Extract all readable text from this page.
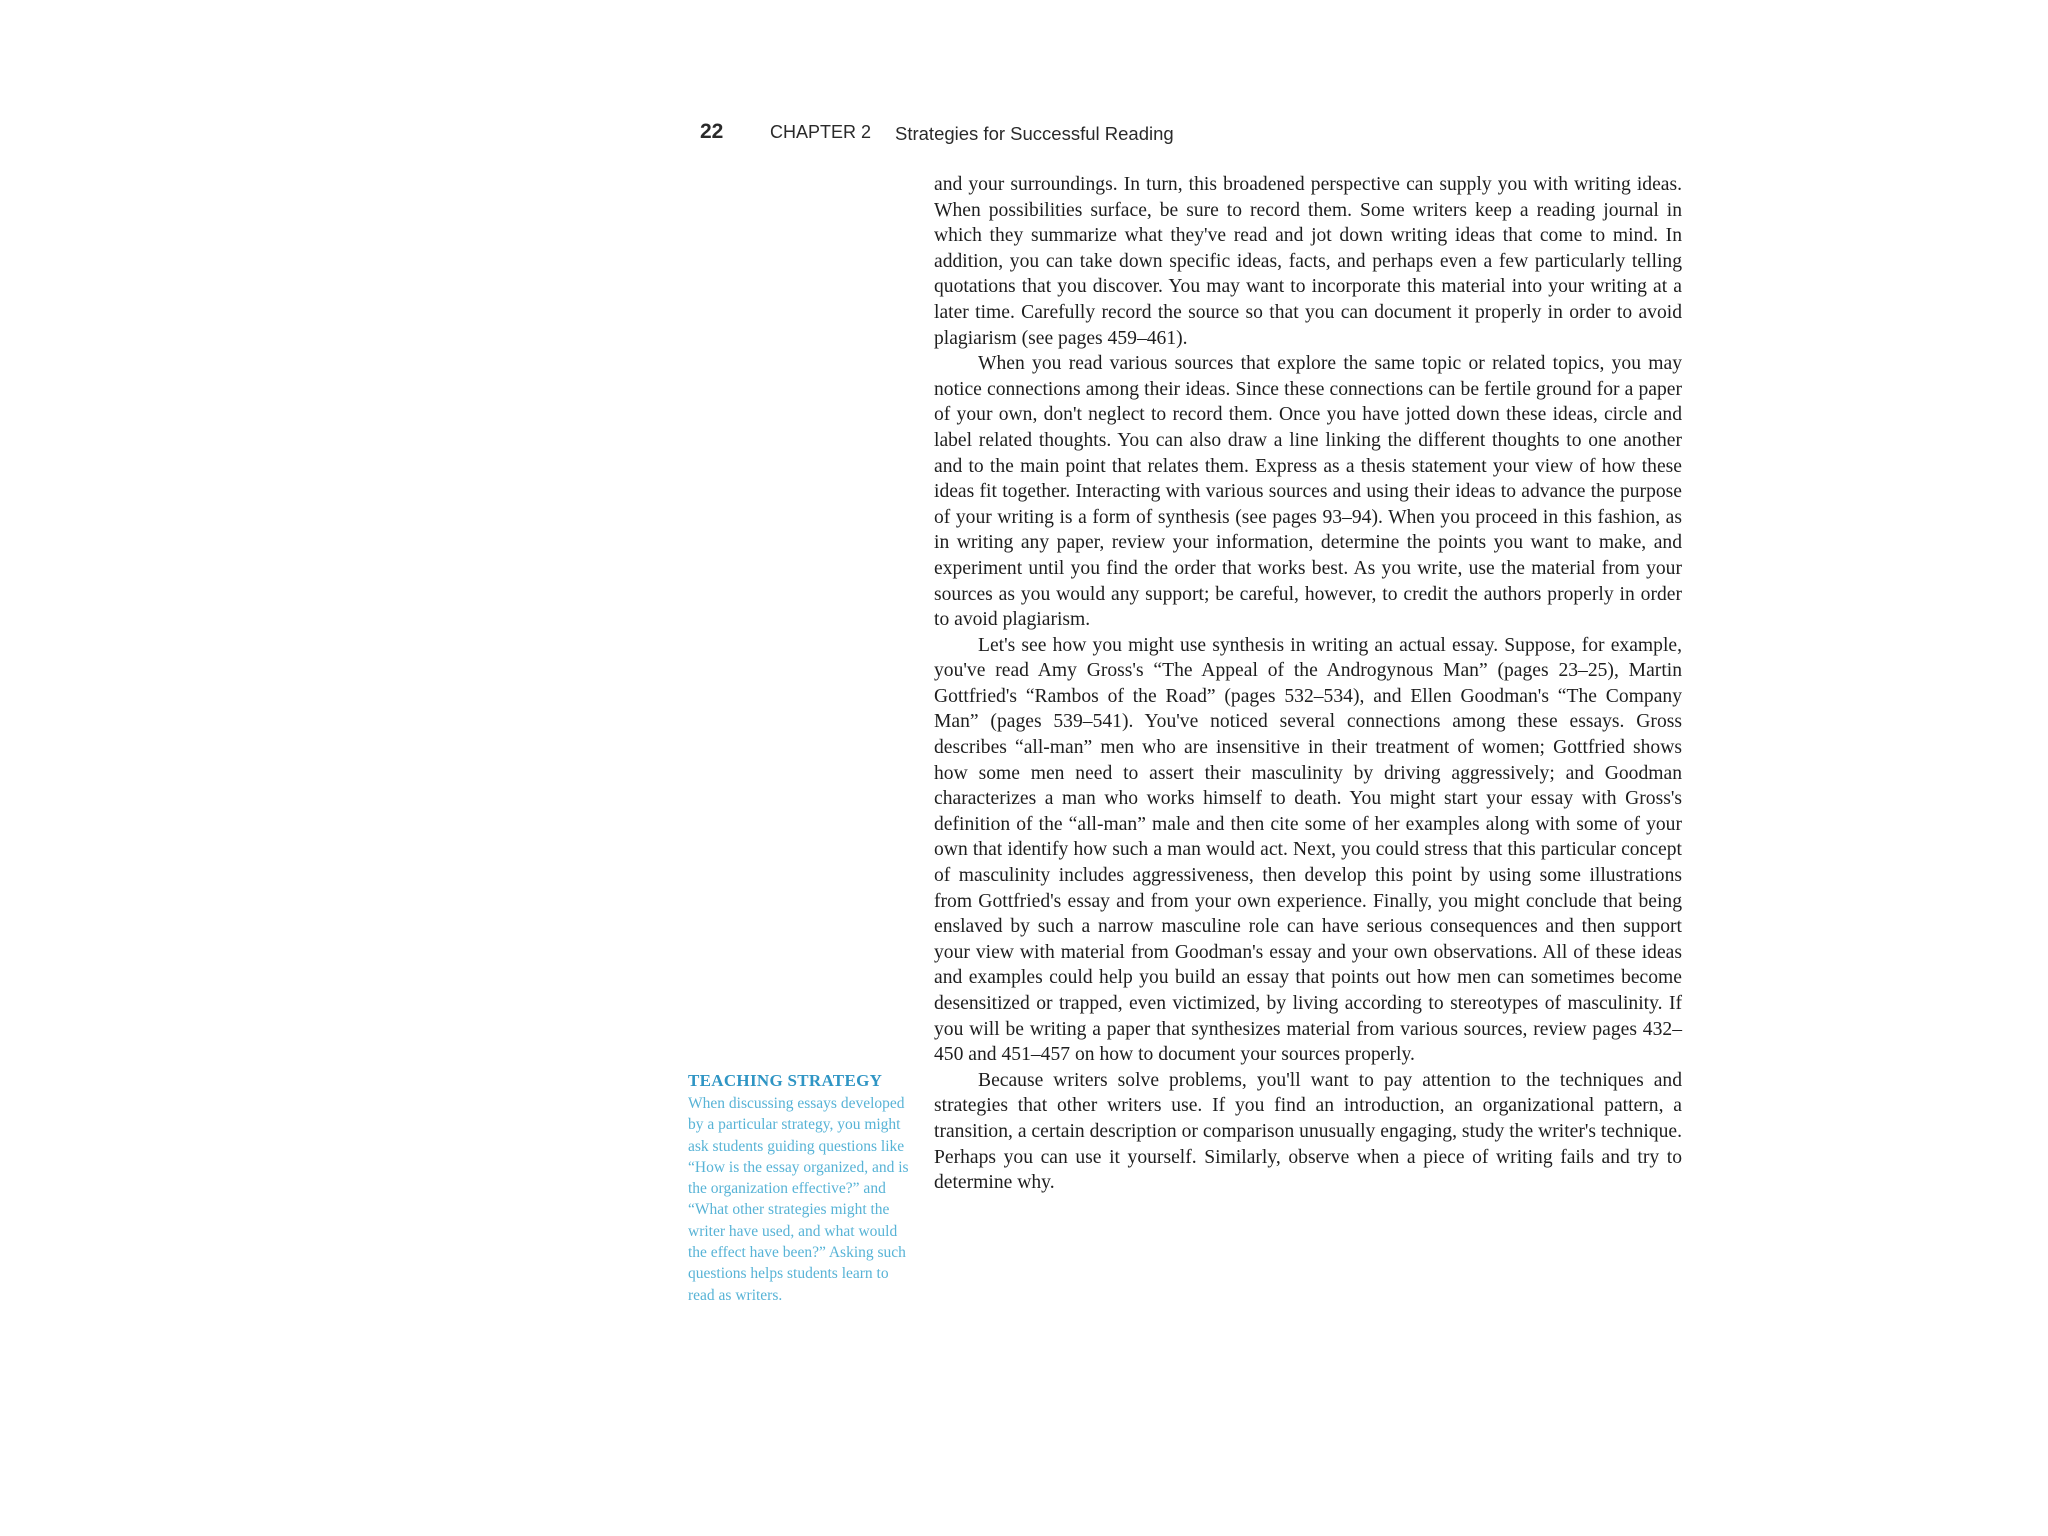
22	CHAPTER 2 Strategies for Successful Reading

and your surroundings. In turn, this broadened perspective can supply you with writing ideas. When possibilities surface, be sure to record them. Some writers keep a reading journal in which they summarize what they've read and jot down writing ideas that come to mind. In addition, you can take down specific ideas, facts, and perhaps even a few particularly telling quotations that you discover. You may want to incorporate this material into your writing at a later time. Carefully record the source so that you can document it properly in order to avoid plagiarism (see pages 459–461).

When you read various sources that explore the same topic or related topics, you may notice connections among their ideas. Since these connections can be fertile ground for a paper of your own, don't neglect to record them. Once you have jotted down these ideas, circle and label related thoughts. You can also draw a line linking the different thoughts to one another and to the main point that relates them. Express as a thesis statement your view of how these ideas fit together. Interacting with various sources and using their ideas to advance the purpose of your writing is a form of synthesis (see pages 93–94). When you proceed in this fashion, as in writing any paper, review your information, determine the points you want to make, and experiment until you find the order that works best. As you write, use the material from your sources as you would any support; be careful, however, to credit the authors properly in order to avoid plagiarism.

Let's see how you might use synthesis in writing an actual essay. Suppose, for example, you've read Amy Gross's “The Appeal of the Androgynous Man” (pages 23–25), Martin Gottfried's “Rambos of the Road” (pages 532–534), and Ellen Goodman's “The Company Man” (pages 539–541). You've noticed several connections among these essays. Gross describes “all-man” men who are insensitive in their treatment of women; Gottfried shows how some men need to assert their masculinity by driving aggressively; and Goodman characterizes a man who works himself to death. You might start your essay with Gross's definition of the “all-man” male and then cite some of her examples along with some of your own that identify how such a man would act. Next, you could stress that this particular concept of masculinity includes aggressiveness, then develop this point by using some illustrations from Gottfried's essay and from your own experience. Finally, you might conclude that being enslaved by such a narrow masculine role can have serious consequences and then support your view with material from Goodman's essay and your own observations. All of these ideas and examples could help you build an essay that points out how men can sometimes become desensitized or trapped, even victimized, by living according to stereotypes of masculinity. If you will be writing a paper that synthesizes material from various sources, review pages 432–450 and 451–457 on how to document your sources properly.

Because writers solve problems, you'll want to pay attention to the techniques and strategies that other writers use. If you find an introduction, an organizational pattern, a transition, a certain description or comparison unusually engaging, study the writer's technique. Perhaps you can use it yourself. Similarly, observe when a piece of writing fails and try to determine why.

TEACHING STRATEGY
When discussing essays developed by a particular strategy, you might ask students guiding questions like “How is the essay organized, and is the organization effective?” and “What other strategies might the writer have used, and what would the effect have been?” Asking such questions helps students learn to read as writers.
